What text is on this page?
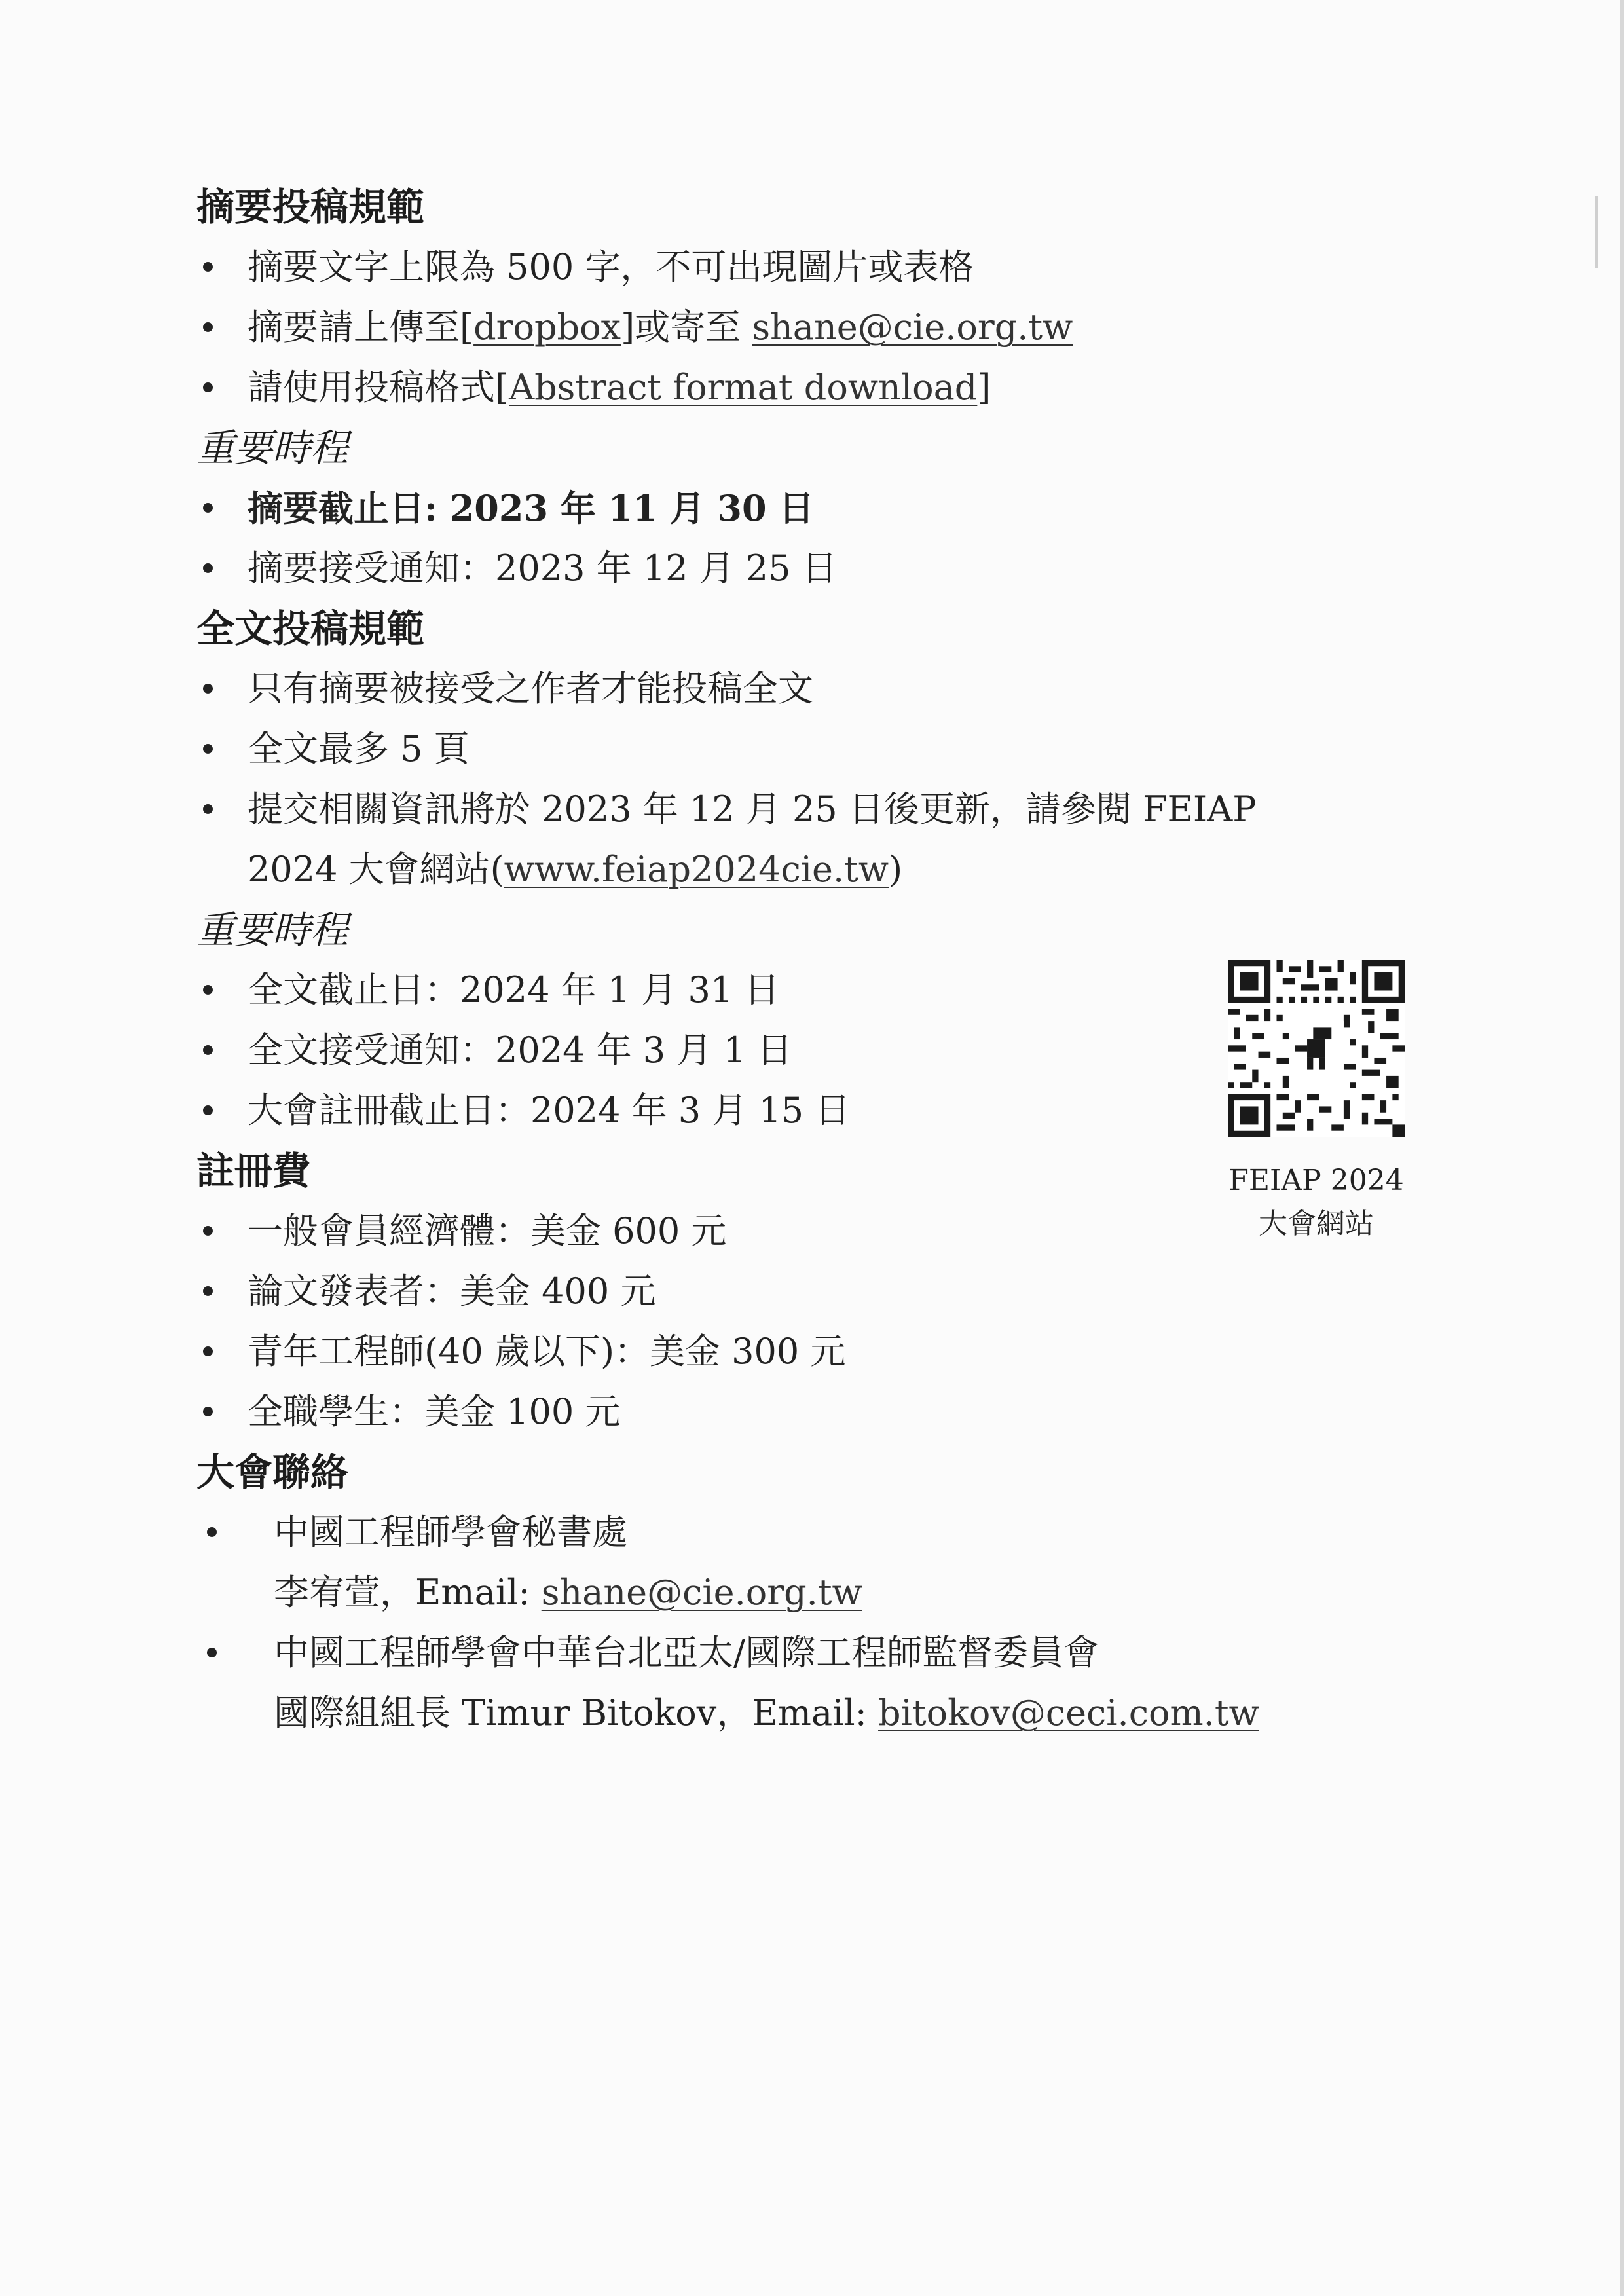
摘要投稿規範
摘要文字上限為 500 字，不可出現圖片或表格
摘要請上傳至[dropbox]或寄至 shane@cie.org.tw
請使用投稿格式[Abstract format download]
重要時程
摘要截止日: 2023 年 11 月 30 日
摘要接受通知：2023 年 12 月 25 日
全文投稿規範
只有摘要被接受之作者才能投稿全文
全文最多 5 頁
提交相關資訊將於 2023 年 12 月 25 日後更新，請參閱 FEIAP
2024 大會網站(www.feiap2024cie.tw)
重要時程
全文截止日：2024 年 1 月 31 日
全文接受通知：2024 年 3 月 1 日
大會註冊截止日：2024 年 3 月 15 日
註冊費
一般會員經濟體：美金 600 元
論文發表者：美金 400 元
青年工程師(40 歲以下)：美金 300 元
全職學生：美金 100 元
大會聯絡
中國工程師學會秘書處
李宥萱，Email: shane@cie.org.tw
中國工程師學會中華台北亞太/國際工程師監督委員會
國際組組長 Timur Bitokov，Email: bitokov@ceci.com.tw
FEIAP 2024
大會網站
